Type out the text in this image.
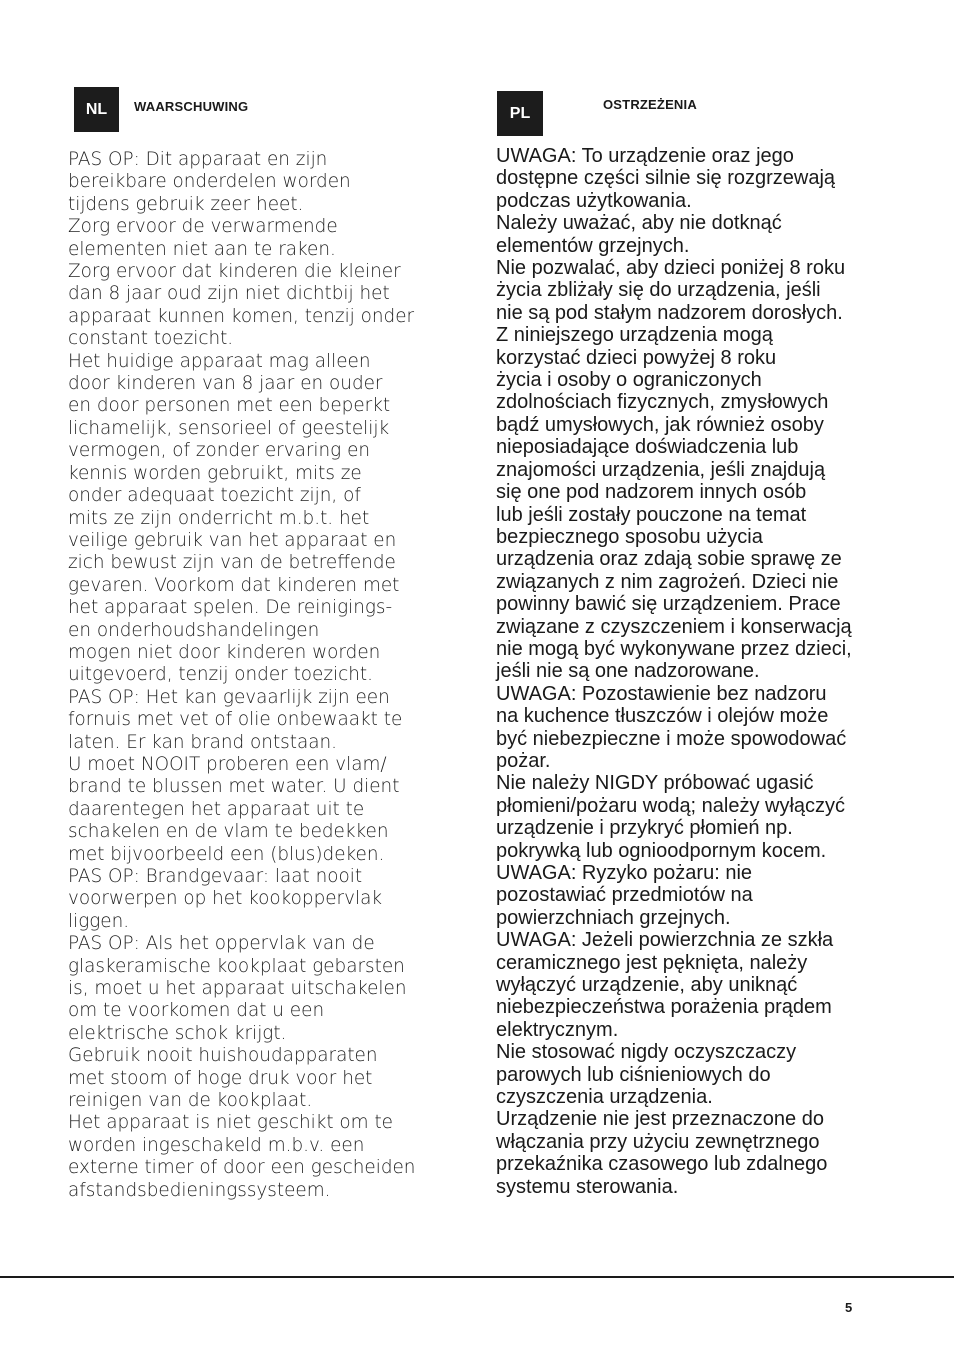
NL	WAARSCHUWING
PAS OP: Dit apparaat en zijn
bereikbare onderdelen worden
tijdens gebruik zeer heet.
Zorg ervoor de verwarmende
elementen niet aan te raken.
Zorg ervoor dat kinderen die kleiner
dan 8 jaar oud zijn niet dichtbij het
apparaat kunnen komen, tenzij onder
constant toezicht.
Het huidige apparaat mag alleen
door kinderen van 8 jaar en ouder
en door personen met een beperkt
lichamelijk, sensorieel of geestelijk
vermogen, of zonder ervaring en
kennis worden gebruikt, mits ze
onder adequaat toezicht zijn, of
mits ze zijn onderricht m.b.t. het
veilige gebruik van het apparaat en
zich bewust zijn van de betreffende
gevaren. Voorkom dat kinderen met
het apparaat spelen. De reinigings-
en onderhoudshandelingen
mogen niet door kinderen worden
uitgevoerd, tenzij onder toezicht.
PAS OP: Het kan gevaarlijk zijn een
fornuis met vet of olie onbewaakt te
laten. Er kan brand ontstaan.
U moet NOOIT proberen een vlam/
brand te blussen met water. U dient
daarentegen het apparaat uit te
schakelen en de vlam te bedekken
met bijvoorbeeld een (blus)deken.
PAS OP: Brandgevaar: laat nooit
voorwerpen op het kookoppervlak
liggen.
PAS OP: Als het oppervlak van de
glaskeramische kookplaat gebarsten
is, moet u het apparaat uitschakelen
om te voorkomen dat u een
elektrische schok krijgt.
Gebruik nooit huishoudapparaten
met stoom of hoge druk voor het
reinigen van de kookplaat.
Het apparaat is niet geschikt om te
worden ingeschakeld m.b.v. een
externe timer of door een gescheiden
afstandsbedieningssysteem.
PL	OSTRZEŻENIA
UWAGA: To urządzenie oraz jego
dostępne części silnie się rozgrzewają
podczas użytkowania.
Należy uważać, aby nie dotknąć
elementów grzejnych.
Nie pozwalać, aby dzieci poniżej 8 roku
życia zbliżały się do urządzenia, jeśli
nie są pod stałym nadzorem dorosłych.
Z niniejszego urządzenia mogą
korzystać dzieci powyżej 8 roku
życia i osoby o ograniczonych
zdolnościach fizycznych, zmysłowych
bądź umysłowych, jak również osoby
nieposiadające doświadczenia lub
znajomości urządzenia, jeśli znajdują
się one pod nadzorem innych osób
lub jeśli zostały pouczone na temat
bezpiecznego sposobu użycia
urządzenia oraz zdają sobie sprawę ze
związanych z nim zagrożeń. Dzieci nie
powinny bawić się urządzeniem. Prace
związane z czyszczeniem i konserwacją
nie mogą być wykonywane przez dzieci,
jeśli nie są one nadzorowane.
UWAGA: Pozostawienie bez nadzoru
na kuchence tłuszczów i olejów może
być niebezpieczne i może spowodować
pożar.
Nie należy NIGDY próbować ugasić
płomieni/pożaru wodą; należy wyłączyć
urządzenie i przykryć płomień np.
pokrywką lub ognioodpornym kocem.
UWAGA: Ryzyko pożaru: nie
pozostawiać przedmiotów na
powierzchniach grzejnych.
UWAGA: Jeżeli powierzchnia ze szkła
ceramicznego jest pęknięta, należy
wyłączyć urządzenie, aby uniknąć
niebezpieczeństwa porażenia prądem
elektrycznym.
Nie stosować nigdy oczyszczaczy
parowych lub ciśnieniowych do
czyszczenia urządzenia.
Urządzenie nie jest przeznaczone do
włączania przy użyciu zewnętrznego
przekaźnika czasowego lub zdalnego
systemu sterowania.
5
